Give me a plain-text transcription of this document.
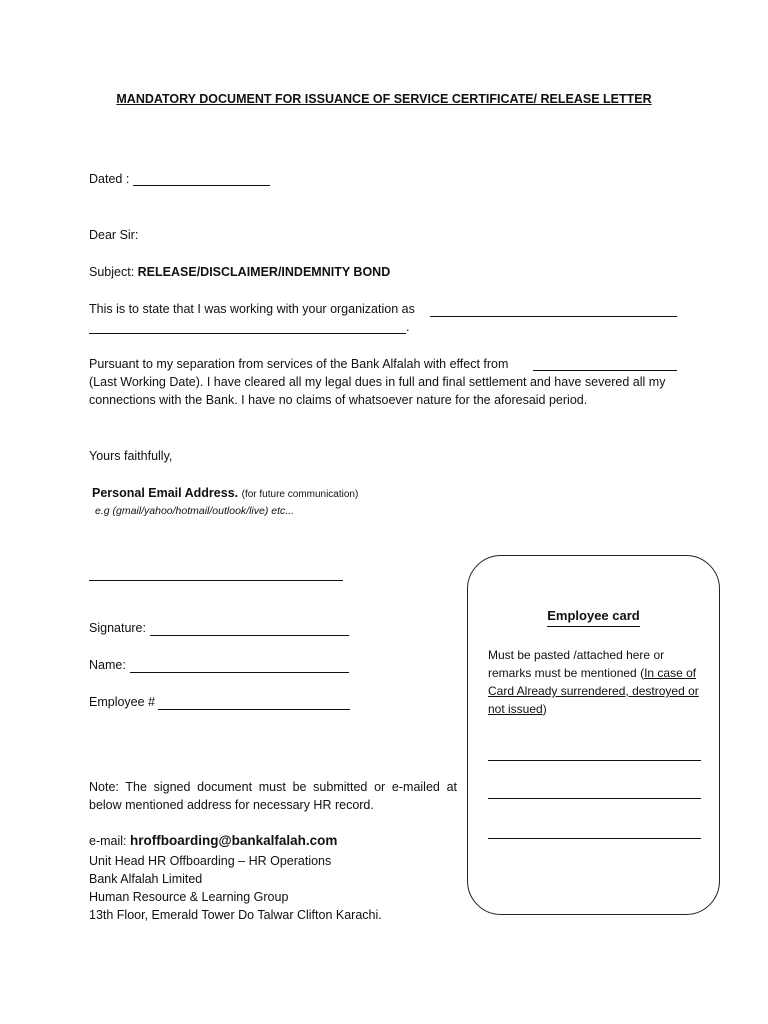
MANDATORY DOCUMENT FOR ISSUANCE OF SERVICE CERTIFICATE/ RELEASE LETTER
Dated :
Dear Sir:
Subject: RELEASE/DISCLAIMER/INDEMNITY BOND
This is to state that I was working with your organization as
.
Pursuant to my separation from services of the Bank Alfalah with effect from
(Last Working Date). I have cleared all my legal dues in full and final settlement and have severed all my connections with the Bank. I have no claims of whatsoever nature for the aforesaid period.
Yours faithfully,
Personal Email Address. (for future communication)
e.g (gmail/yahoo/hotmail/outlook/live) etc...
Signature:
Name:
Employee #
Note: The signed document must be submitted or e-mailed at below mentioned address for necessary HR record.
e-mail: hroffboarding@bankalfalah.com
Unit Head HR Offboarding – HR Operations
Bank Alfalah Limited
Human Resource & Learning Group
13th Floor, Emerald Tower Do Talwar Clifton Karachi.
Employee card
Must be pasted /attached here or remarks must be mentioned (In case of Card Already surrendered, destroyed or not issued)
